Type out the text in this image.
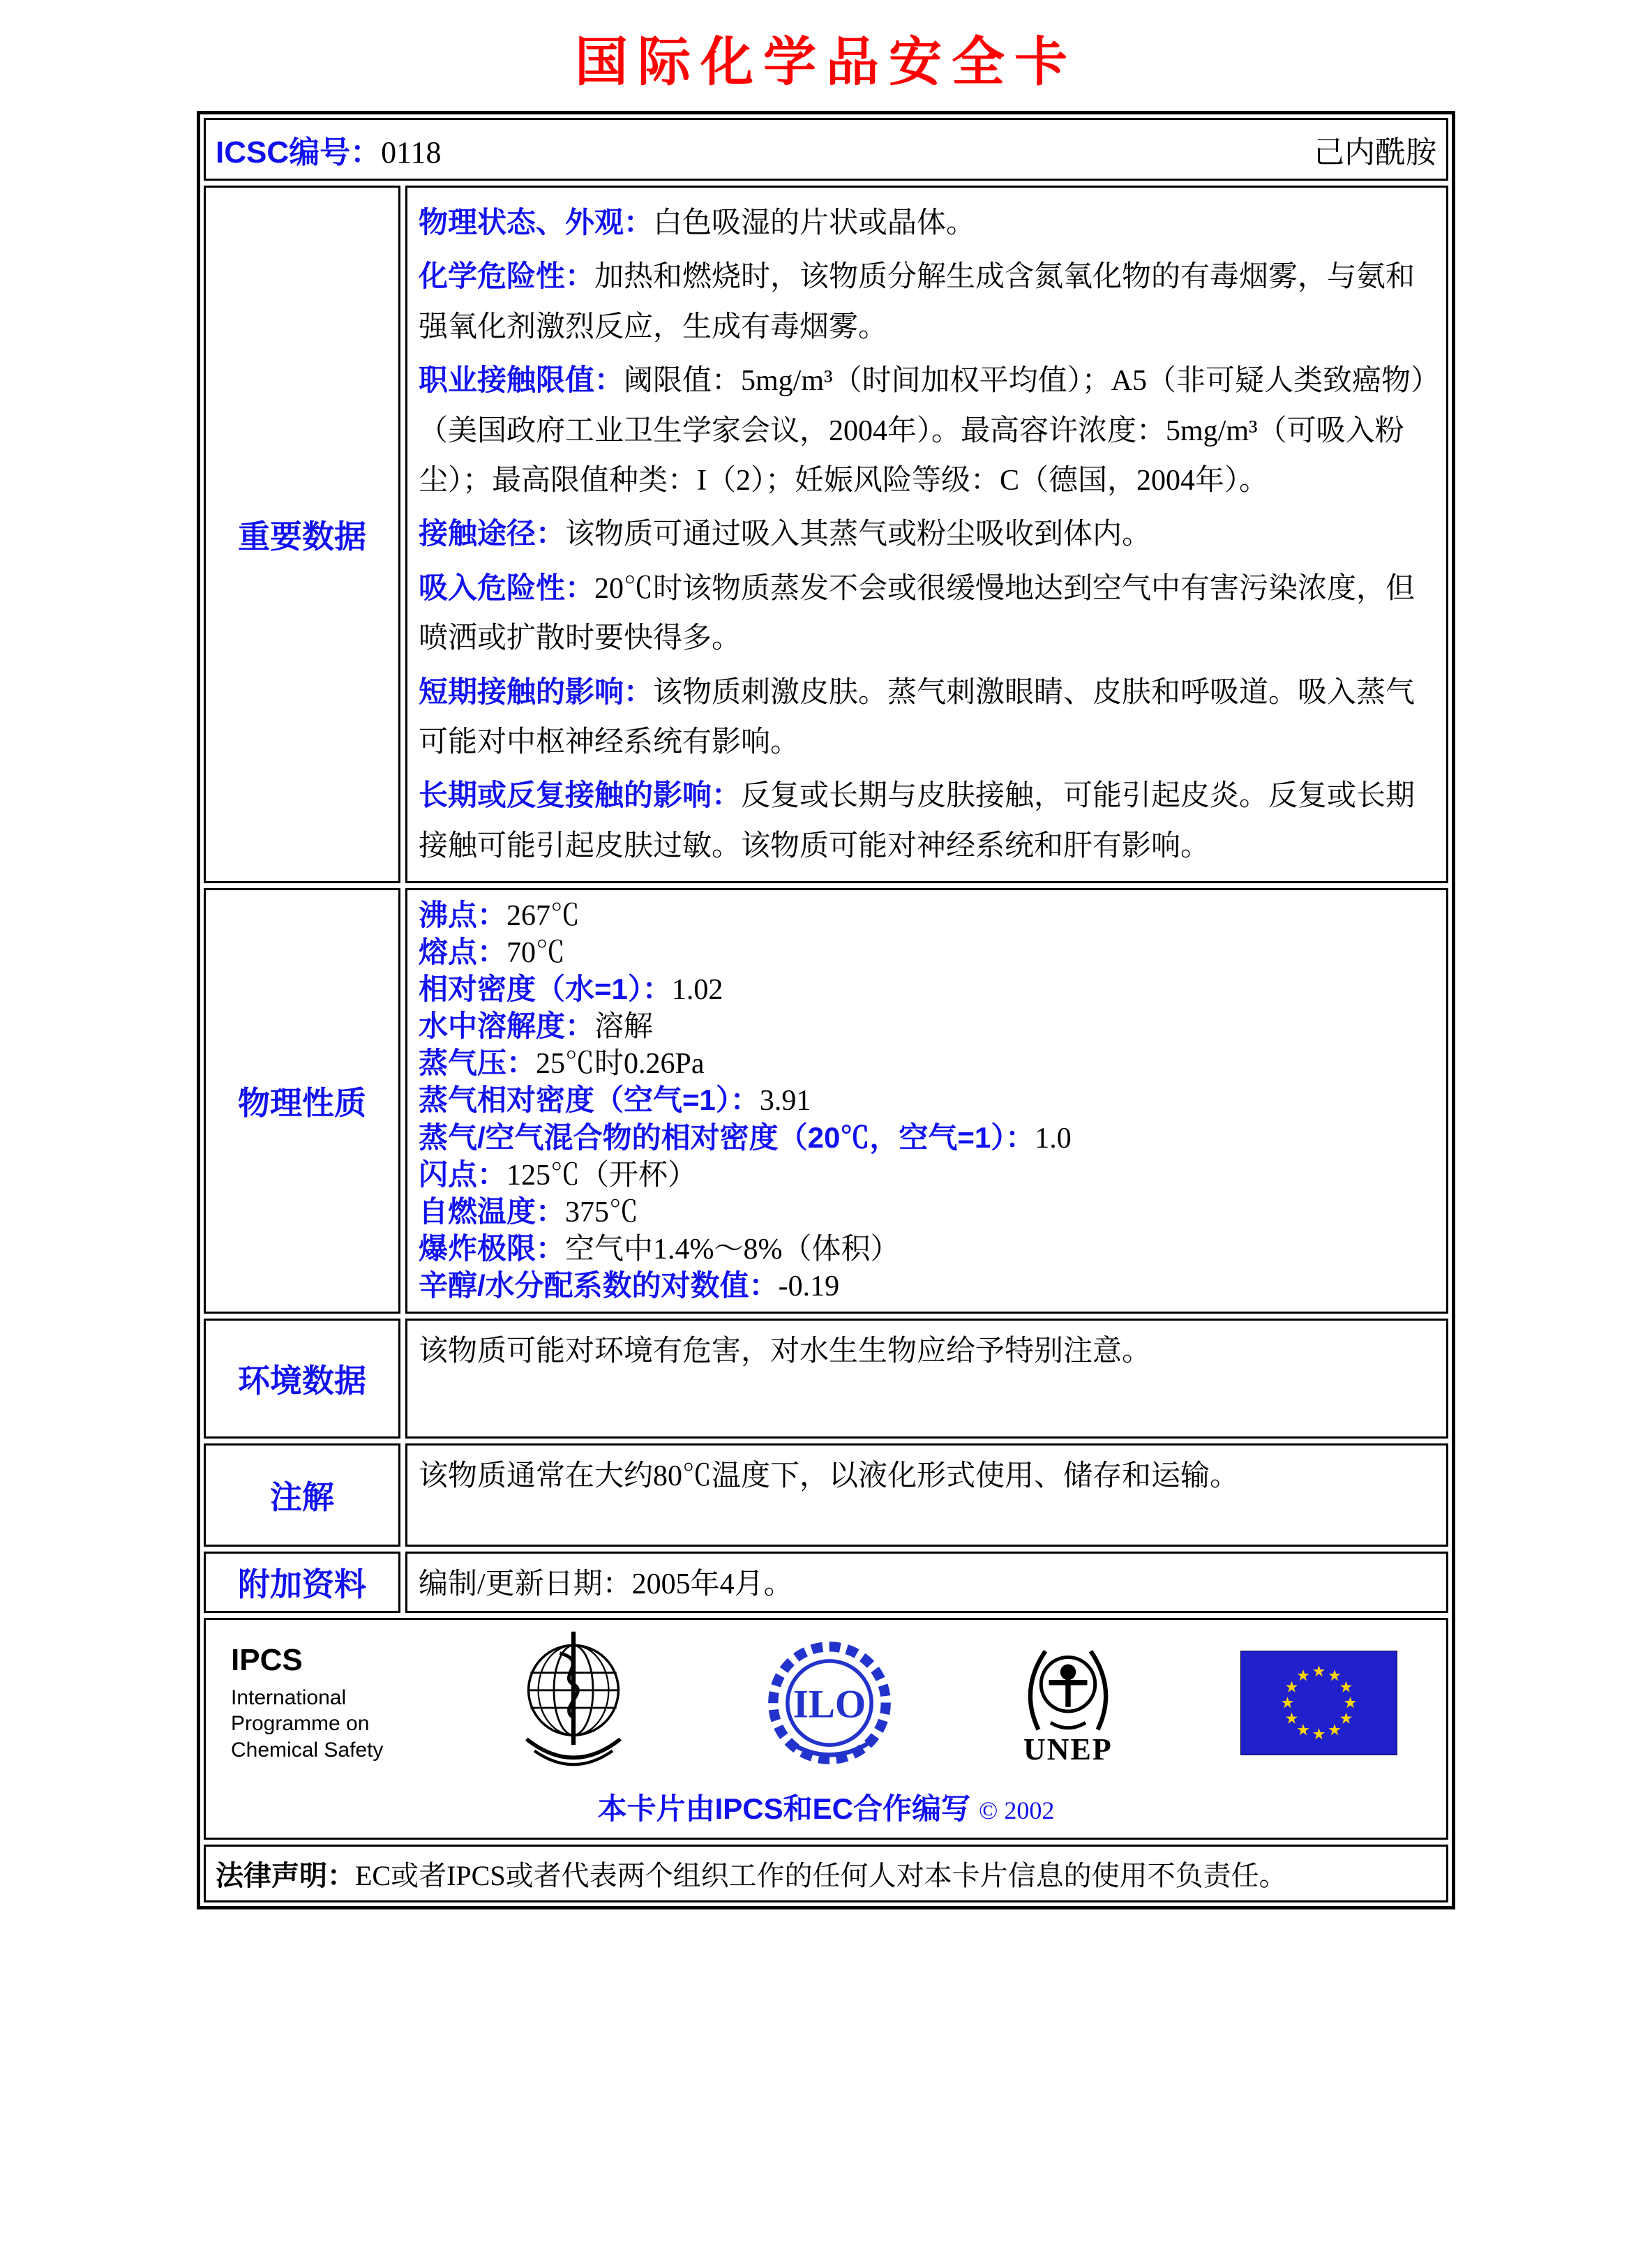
国际化学品安全卡
ICSC编号：0118	己内酰胺
重要数据
物理状态、外观：白色吸湿的片状或晶体。
化学危险性：加热和燃烧时，该物质分解生成含氮氧化物的有毒烟雾，与氨和强氧化剂激烈反应，生成有毒烟雾。
职业接触限值：阈限值：5mg/m³（时间加权平均值）；A5（非可疑人类致癌物）（美国政府工业卫生学家会议，2004年）。最高容许浓度：5mg/m³（可吸入粉尘）；最高限值种类：I（2）；妊娠风险等级：C（德国，2004年）。
接触途径：该物质可通过吸入其蒸气或粉尘吸收到体内。
吸入危险性：20℃时该物质蒸发不会或很缓慢地达到空气中有害污染浓度，但喷洒或扩散时要快得多。
短期接触的影响：该物质刺激皮肤。蒸气刺激眼睛、皮肤和呼吸道。吸入蒸气可能对中枢神经系统有影响。
长期或反复接触的影响：反复或长期与皮肤接触，可能引起皮炎。反复或长期接触可能引起皮肤过敏。该物质可能对神经系统和肝有影响。
物理性质
沸点：267℃
熔点：70℃
相对密度（水=1）：1.02
水中溶解度：溶解
蒸气压：25℃时0.26Pa
蒸气相对密度（空气=1）：3.91
蒸气/空气混合物的相对密度（20℃，空气=1）：1.0
闪点：125℃（开杯）
自燃温度：375℃
爆炸极限：空气中1.4%～8%（体积）
辛醇/水分配系数的对数值：-0.19
环境数据
该物质可能对环境有危害，对水生生物应给予特别注意。
注解
该物质通常在大约80℃温度下，以液化形式使用、储存和运输。
附加资料	编制/更新日期：2005年4月。
IPCS
International
Programme on
Chemical Safety
ILO
UNEP
本卡片由IPCS和EC合作编写 © 2002
法律声明：EC或者IPCS或者代表两个组织工作的任何人对本卡片信息的使用不负责任。
